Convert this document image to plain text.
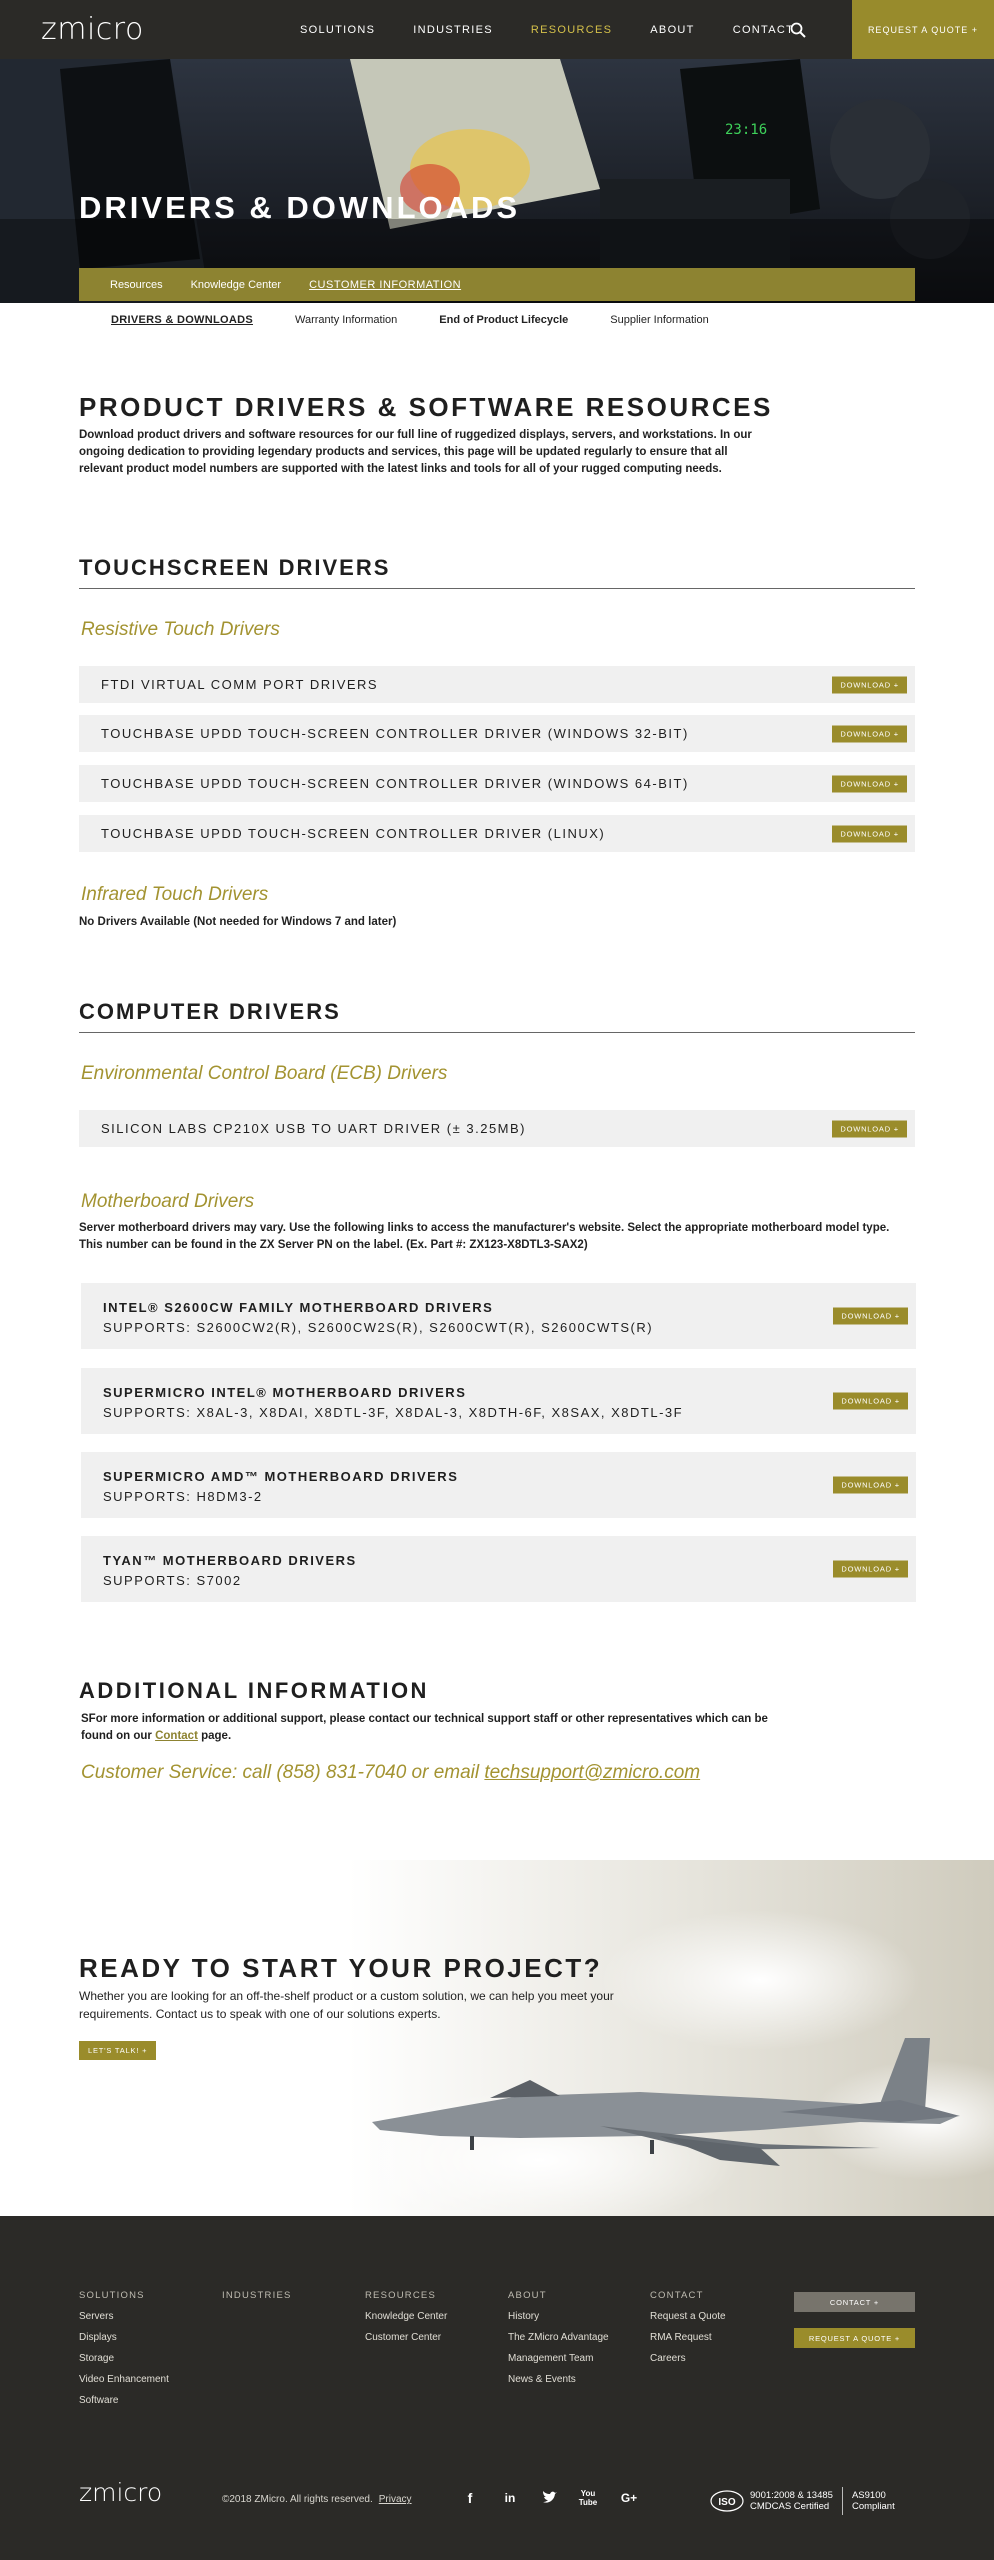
zmicro	SOLUTIONS	INDUSTRIES	RESOURCES	ABOUT	CONTACT	REQUEST A QUOTE +
23:16
DRIVERS & DOWNLOADS
Resources	Knowledge Center	CUSTOMER INFORMATION
DRIVERS & DOWNLOADS	Warranty Information	End of Product Lifecycle	Supplier Information
PRODUCT DRIVERS & SOFTWARE RESOURCES
Download product drivers and software resources for our full line of ruggedized displays, servers, and workstations. In our ongoing dedication to providing legendary products and services, this page will be updated regularly to ensure that all relevant product model numbers are supported with the latest links and tools for all of your rugged computing needs.
TOUCHSCREEN DRIVERS
Resistive Touch Drivers
FTDI VIRTUAL COMM PORT DRIVERS	DOWNLOAD +
TOUCHBASE UPDD TOUCH-SCREEN CONTROLLER DRIVER (WINDOWS 32-BIT)	DOWNLOAD +
TOUCHBASE UPDD TOUCH-SCREEN CONTROLLER DRIVER (WINDOWS 64-BIT)	DOWNLOAD +
TOUCHBASE UPDD TOUCH-SCREEN CONTROLLER DRIVER (LINUX)	DOWNLOAD +
Infrared Touch Drivers
No Drivers Available (Not needed for Windows 7 and later)
COMPUTER DRIVERS
Environmental Control Board (ECB) Drivers
SILICON LABS CP210X USB TO UART DRIVER (± 3.25MB)	DOWNLOAD +
Motherboard Drivers
Server motherboard drivers may vary. Use the following links to access the manufacturer's website. Select the appropriate motherboard model type. This number can be found in the ZX Server PN on the label. (Ex. Part #: ZX123-X8DTL3-SAX2)
INTEL® S2600CW FAMILY MOTHERBOARD DRIVERS
SUPPORTS: S2600CW2(R), S2600CW2S(R), S2600CWT(R), S2600CWTS(R)
DOWNLOAD +
SUPERMICRO INTEL® MOTHERBOARD DRIVERS
SUPPORTS: X8AL-3, X8DAI, X8DTL-3F, X8DAL-3, X8DTH-6F, X8SAX, X8DTL-3F
DOWNLOAD +
SUPERMICRO AMD™ MOTHERBOARD DRIVERS
SUPPORTS: H8DM3-2
DOWNLOAD +
TYAN™ MOTHERBOARD DRIVERS
SUPPORTS: S7002
DOWNLOAD +
ADDITIONAL INFORMATION
SFor more information or additional support, please contact our technical support staff or other representatives which can be found on our Contact page.
Customer Service: call (858) 831-7040 or email techsupport@zmicro.com
READY TO START YOUR PROJECT?
Whether you are looking for an off-the-shelf product or a custom solution, we can help you meet your requirements. Contact us to speak with one of our solutions experts.
LET'S TALK! +
SOLUTIONS
Servers
Displays
Storage
Video Enhancement
Software
INDUSTRIES	RESOURCES
Knowledge Center
Customer Center
ABOUT
History
The ZMicro Advantage
Management Team
News & Events
CONTACT
Request a Quote
RMA Request
Careers
CONTACT +
REQUEST A QUOTE +
zmicro	©2018 ZMicro. All rights reserved. Privacy	f	in	You
Tube	G+	ISO
9001:2008 & 13485
CMDCAS Certified
AS9100
Compliant
